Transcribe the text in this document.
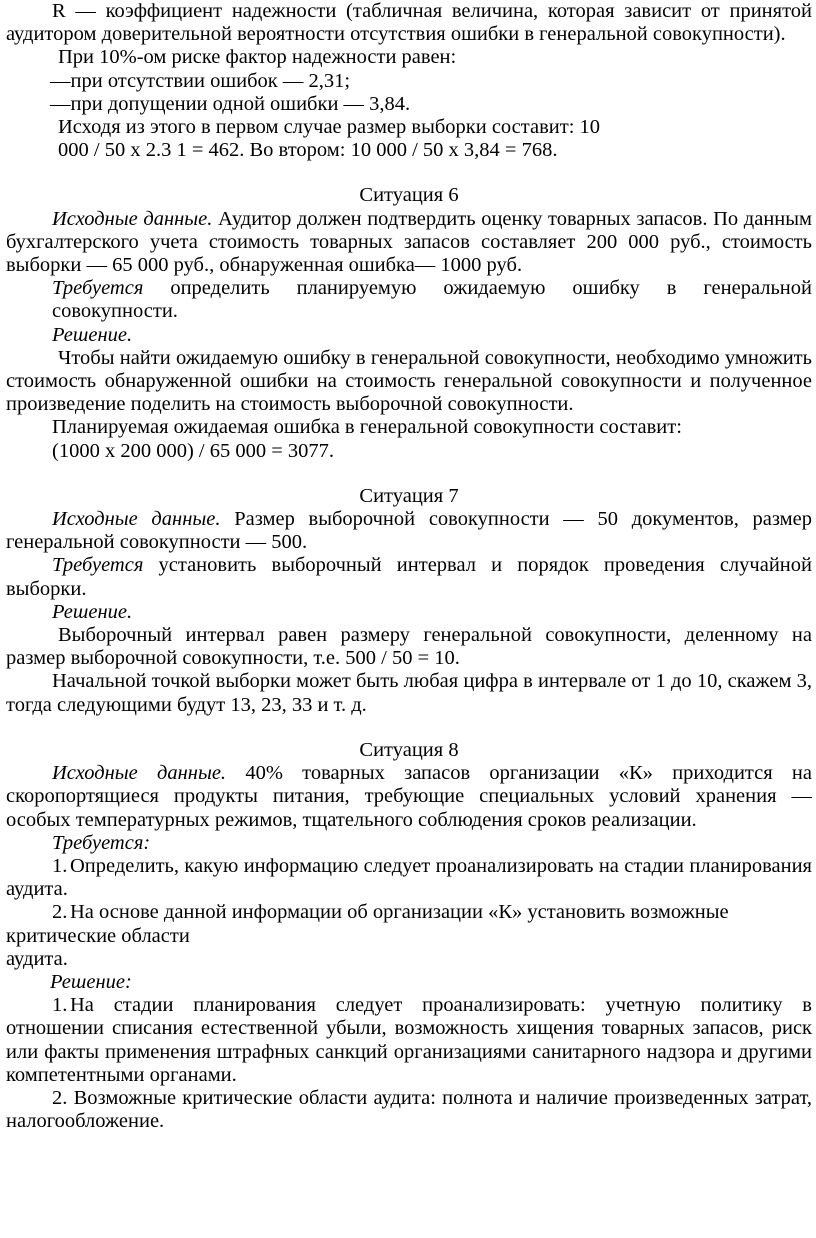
R — коэффициент надежности (табличная величина, которая зависит от принятой аудитором доверительной вероятности отсутствия ошибки в генеральной совокупности).

При 10%-ом риске фактор надежности равен:

—при отсутствии ошибок — 2,31;

—при допущении одной ошибки — 3,84.

Исходя из этого в первом случае размер выборки составит: 10

000 / 50 х 2.3 1 = 462. Во втором: 10 000 / 50 х 3,84 = 768.

Ситуация 6

Исходные данные. Аудитор должен подтвердить оценку товарных запасов. По данным бухгалтерского учета стоимость товарных запасов составляет 200 000 руб., стоимость выборки — 65 000 руб., обнаруженная ошибка— 1000 руб.

Требуется определить планируемую ожидаемую ошибку в генеральной совокупности.

Решение.

Чтобы найти ожидаемую ошибку в генеральной совокупности, необходимо умножить стоимость обнаруженной ошибки на стоимость генеральной совокупности и полученное произведение поделить на стоимость выборочной совокупности.

Планируемая ожидаемая ошибка в генеральной совокупности составит:

(1000 х 200 000) / 65 000 = 3077.

Ситуация 7

Исходные данные. Размер выборочной совокупности — 50 документов, размер генеральной совокупности — 500.

Требуется установить выборочный интервал и порядок проведения случайной выборки.

Решение.

Выборочный интервал равен размеру генеральной совокупности, деленному на размер выборочной совокупности, т.е. 500 / 50 = 10.

Начальной точкой выборки может быть любая цифра в интервале от 1 до 10, скажем 3, тогда следующими будут 13, 23, 33 и т. д.

Ситуация 8

Исходные данные. 40% товарных запасов организации «К» приходится на скоропортящиеся продукты питания, требующие специальных условий хранения — особых температурных режимов, тщательного соблюдения сроков реализации.

Требуется:

1. Определить, какую информацию следует проанализировать на стадии планирования аудита.

2. На основе данной информации об организации «К» установить возможные

критические области

аудита.

Решение:

1. На стадии планирования следует проанализировать: учетную политику в отношении списания естественной убыли, возможность хищения товарных запасов, риск или факты применения штрафных санкций организациями санитарного надзора и другими компетентными органами.

2. Возможные критические области аудита: полнота и наличие произведенных затрат, налогообложение.
